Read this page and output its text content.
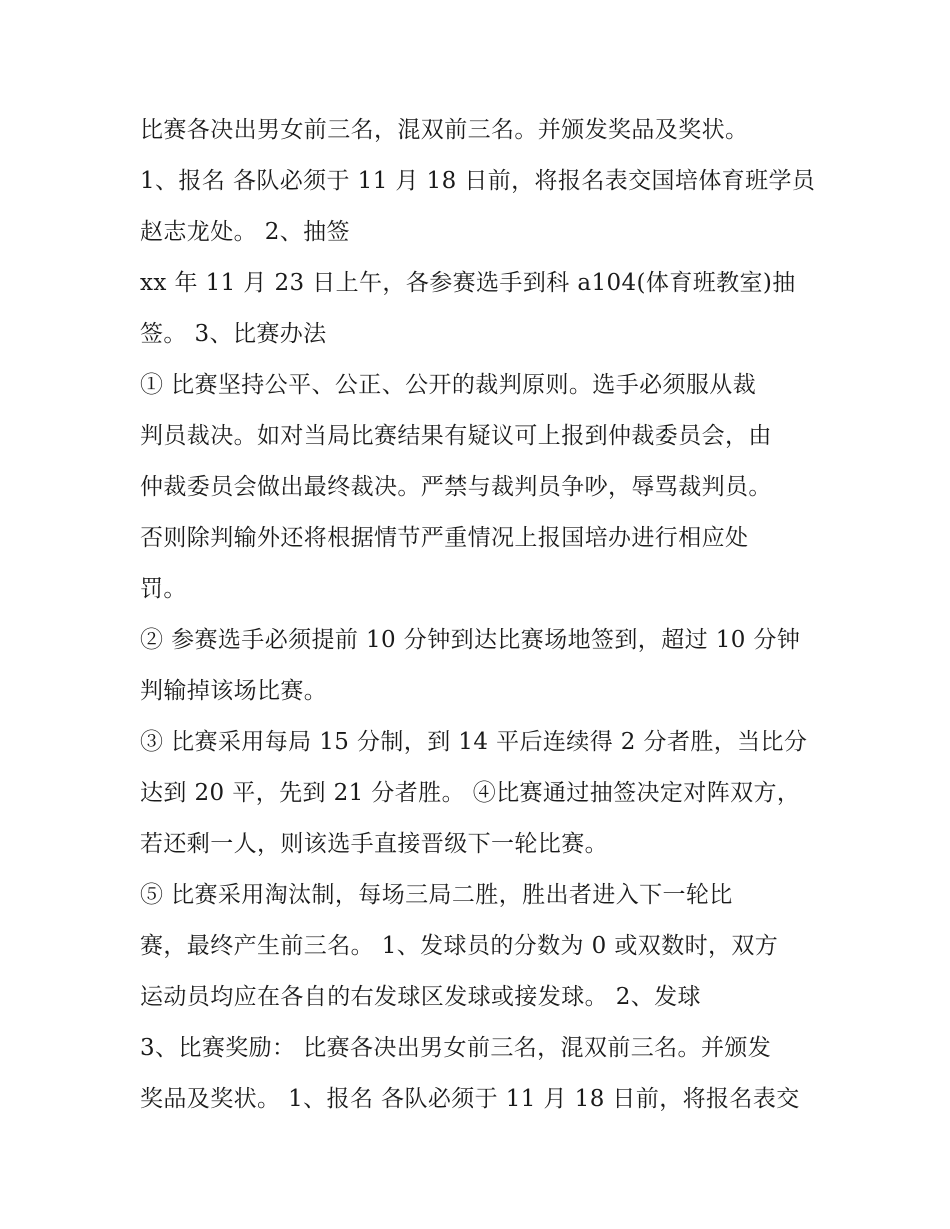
比赛各决出男女前三名，混双前三名。并颁发奖品及奖状。
1、报名 各队必须于 11 月 18 日前，将报名表交国培体育班学员
赵志龙处。 2、抽签
xx 年 11 月 23 日上午，各参赛选手到科 a104(体育班教室)抽
签。 3、比赛办法
① 比赛坚持公平、公正、公开的裁判原则。选手必须服从裁
判员裁决。如对当局比赛结果有疑议可上报到仲裁委员会，由
仲裁委员会做出最终裁决。严禁与裁判员争吵，辱骂裁判员。
否则除判输外还将根据情节严重情况上报国培办进行相应处
罚。
② 参赛选手必须提前 10 分钟到达比赛场地签到，超过 10 分钟
判输掉该场比赛。
③ 比赛采用每局 15 分制，到 14 平后连续得 2 分者胜，当比分
达到 20 平，先到 21 分者胜。 ④比赛通过抽签决定对阵双方，
若还剩一人，则该选手直接晋级下一轮比赛。
⑤ 比赛采用淘汰制，每场三局二胜，胜出者进入下一轮比
赛，最终产生前三名。 1、发球员的分数为 0 或双数时，双方
运动员均应在各自的右发球区发球或接发球。 2、发球
3、比赛奖励： 比赛各决出男女前三名，混双前三名。并颁发
奖品及奖状。 1、报名 各队必须于 11 月 18 日前，将报名表交
